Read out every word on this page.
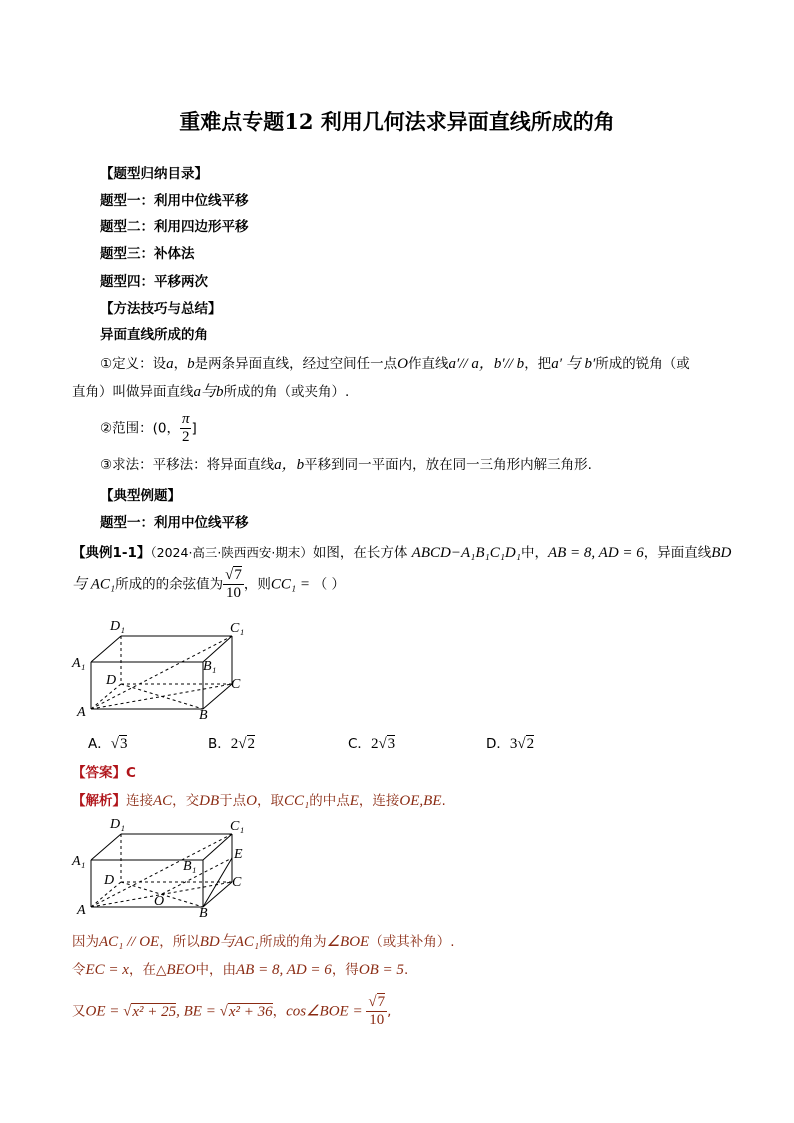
重难点专题12 利用几何法求异面直线所成的角
【题型归纳目录】
题型一：利用中位线平移
题型二：利用四边形平移
题型三：补体法
题型四：平移两次
【方法技巧与总结】
异面直线所成的角
①定义：设a，b是两条异面直线，经过空间任一点O作直线a′// a，b′// b，把a′ 与 b′所成的锐角（或
直角）叫做异面直线a与b所成的角（或夹角）.
②范围：(0， $\frac{\pi}{2}$ ]
③求法：平移法：将异面直线a，b平移到同一平面内，放在同一三角形内解三角形.
【典型例题】
题型一：利用中位线平移
【典例1-1】（2024·高三·陕西西安·期末）如图，在长方体 ABCD−A₁B₁C₁D₁中，AB = 8, AD = 6，异面直线BD
与 AC₁所成的的余弦值为 $\frac{√7}{10}$ ，则CC₁ = （ ）
D₁	C₁
A₁	B₁
D	C
A	B
A．√3	B．2√2	C．2√3	D．3√2
【答案】C
【解析】连接AC，交DB于点O，取CC₁的中点E，连接OE,BE.
D₁	C₁
A₁	B₁
E
D	C
A
O
B
因为AC₁ // OE，所以BD与AC₁所成的角为∠BOE（或其补角）.
令EC = x，在△BEO中，由AB = 8, AD = 6，得OB = 5.
又OE = √x² + 25, BE = √x² + 36，cos∠BOE = $\frac{√7}{10}$ ,
